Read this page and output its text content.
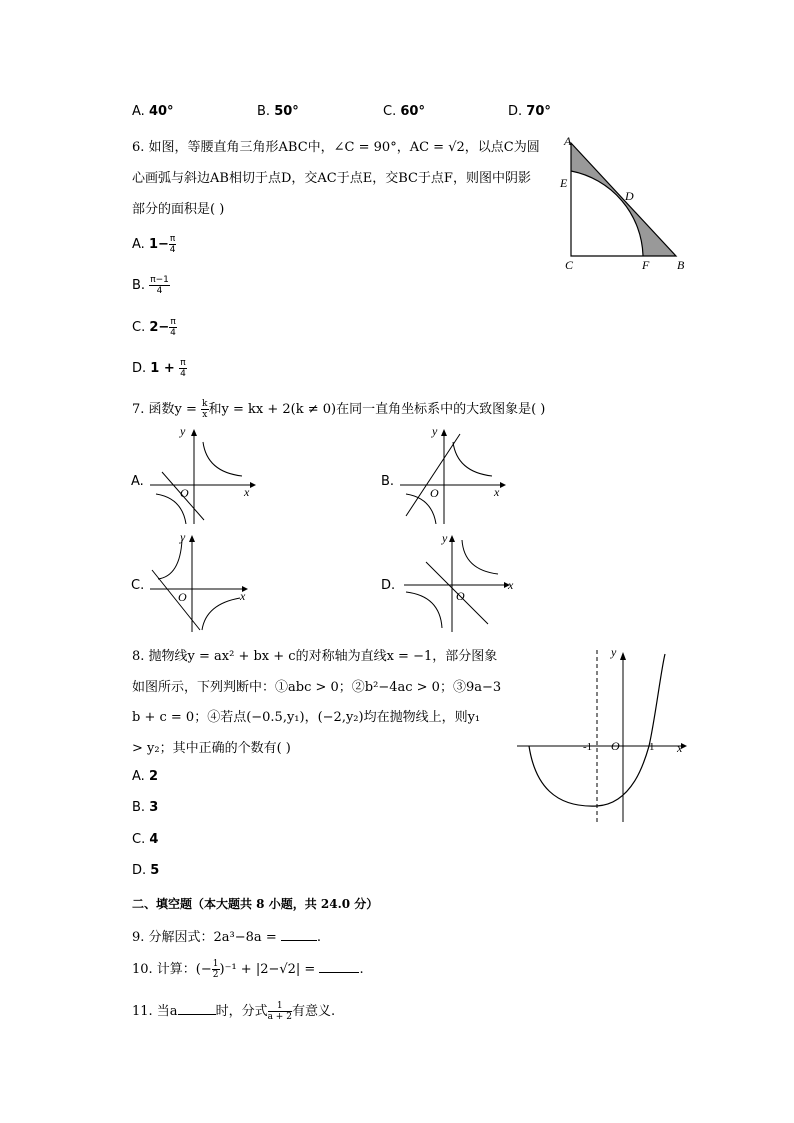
A. 40°	B. 50°	C. 60°	D. 70°
6. 如图，等腰直角三角形ABC中，∠C = 90°，AC = √2，以点C为圆
心画弧与斜边AB相切于点D，交AC于点E，交BC于点F，则图中阴影
部分的面积是( )
A. $1- \frac{\pi}{4}$
B. $\frac{\pi-1}{4}$
C. $2- \frac{\pi}{4}$
D. $1 + \frac{\pi}{4}$
A
E
D
C	F B
7. 函数$y = \frac{k}{x}$ 和y = kx + 2(k ≠ 0)在同一直角坐标系中的大致图象是( )
A.
y
O	x
B.
y
O	x
C.
y
O	x
D.
y
O
x
8. 抛物线y = ax² + bx + c的对称轴为直线x = −1，部分图象
如图所示，下列判断中：①abc > 0；②b²−4ac > 0；③9a−3
b + c = 0；④若点(−0.5,y₁)，(−2,y₂)均在抛物线上，则y₁
> y₂；其中正确的个数有( )
A. 2
B. 3
C. 4
D. 5
y
-1 O	1 x
二、填空题（本大题共 8 小题，共 24.0 分）
9. 分解因式：2a³−8a =	.
10. 计算：(− $\frac{1}{2} )^{-1} + |2-√2|$ =	.
11. 当a	时，分式 $\frac{1}{a + 2}$ 有意义.
